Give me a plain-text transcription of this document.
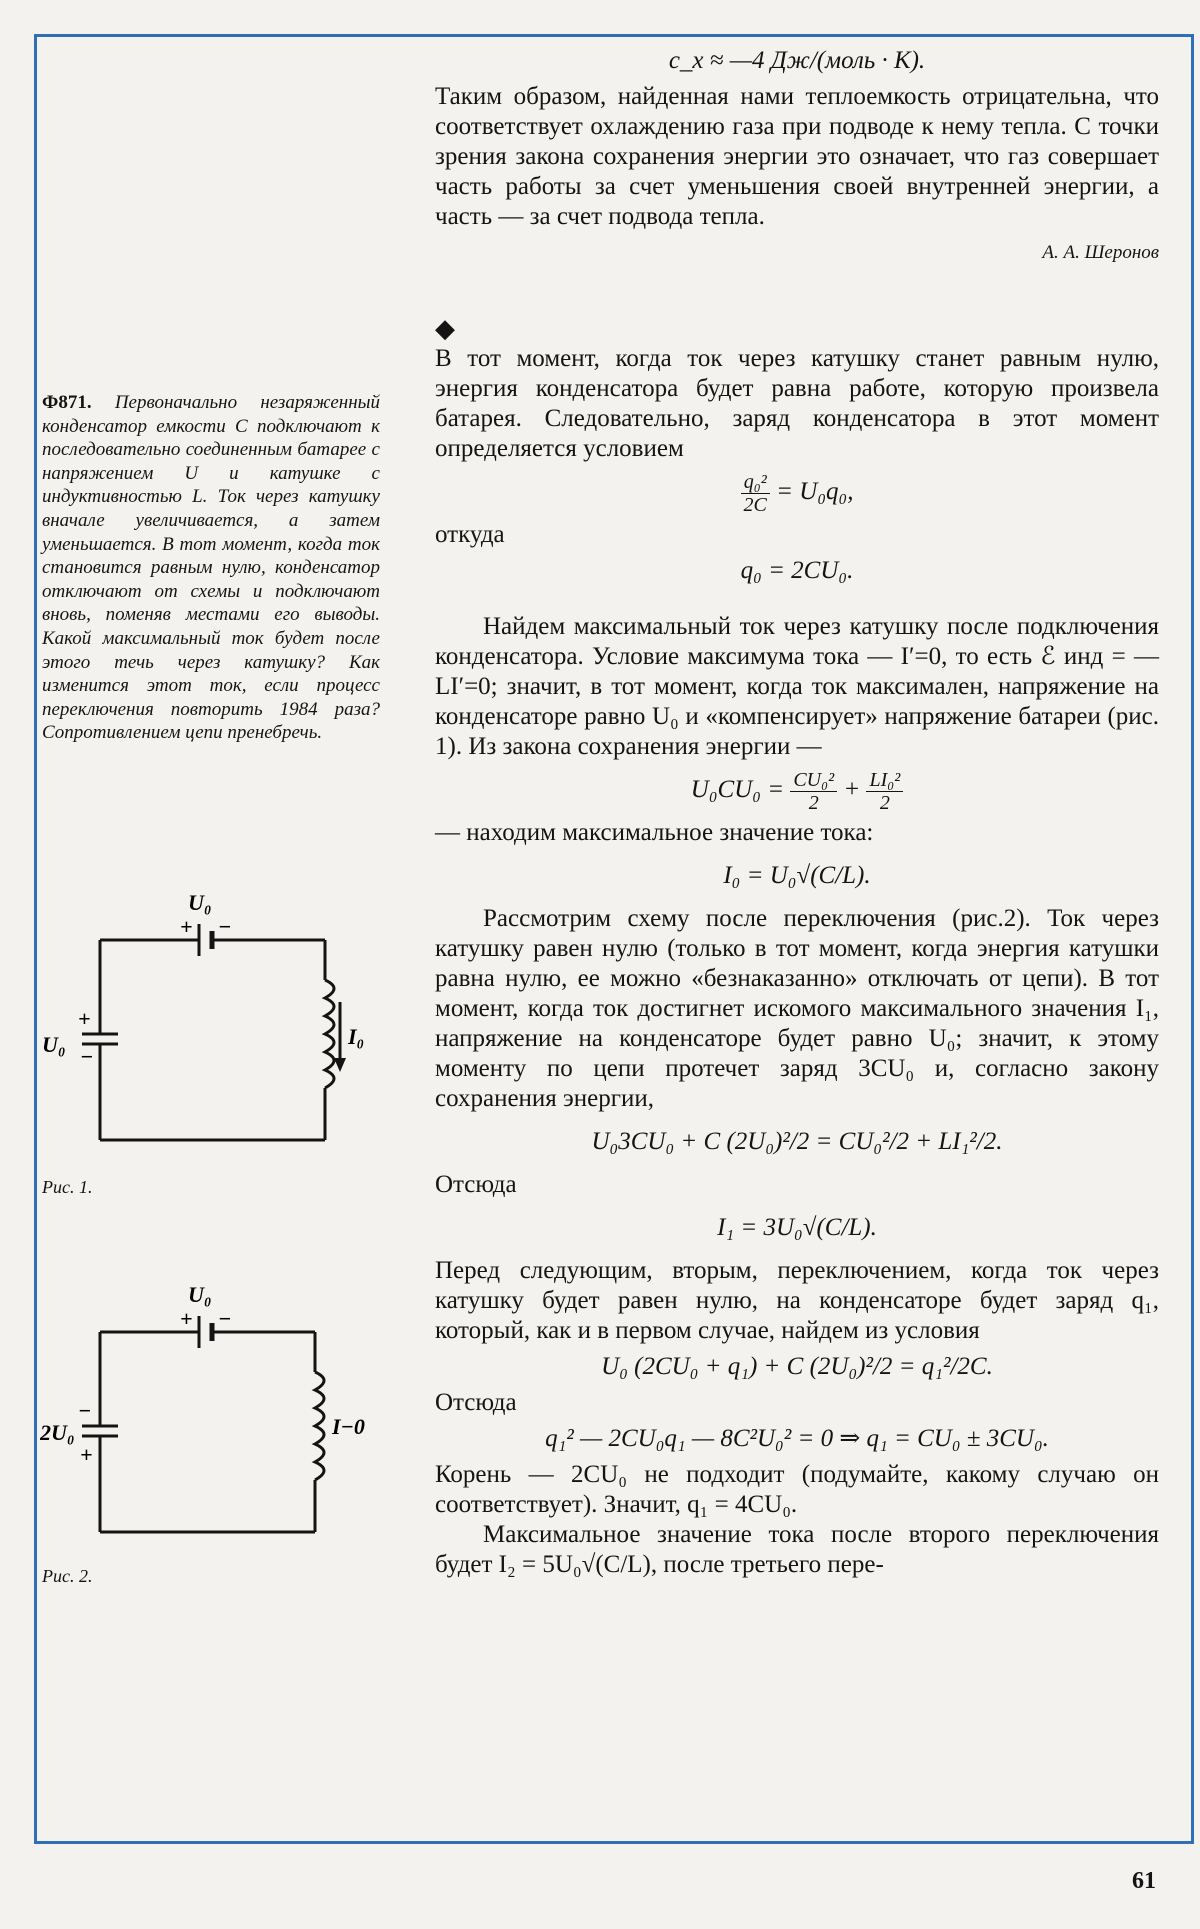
c_x ≈ —4 Дж/(моль · К).

Таким образом, найденная нами теплоемкость отрицательна, что соответствует охлаждению газа при подводе к нему тепла. С точки зрения закона сохранения энергии это означает, что газ совершает часть работы за счет уменьшения своей внутренней энергии, а часть — за счет подвода тепла.

А. А. Шеронов
◆

В тот момент, когда ток через катушку станет равным нулю, энергия конденсатора будет равна работе, которую произвела батарея. Следовательно, заряд конденсатора в этот момент определяется условием

$\frac{\text{q₀²}}{2C} = U_0q_0$,

откуда

q₀ = 2CU₀.

Найдем максимальный ток через катушку после подключения конденсатора. Условие максимума тока — I′=0, то есть ℰ инд = —LI′=0; значит, в тот момент, когда ток максимален, напряжение на конденсаторе равно U₀ и «компенсирует» напряжение батареи (рис. 1). Из закона сохранения энергии —

$U_0CU_0 = \frac{\text{CU₀²}}{2} + \frac{\text{LI₀²}}{2}$

— находим максимальное значение тока:

I₀ = U₀√(C/L).

Рассмотрим схему после переключения (рис.2). Ток через катушку равен нулю (только в тот момент, когда энергия катушки равна нулю, ее можно «безнаказанно» отключать от цепи). В тот момент, когда ток достигнет искомого максимального значения I₁, напряжение на конденсаторе будет равно U₀; значит, к этому моменту по цепи протечет заряд 3CU₀ и, согласно закону сохранения энергии,

U₀3CU₀ + C (2U₀)²/2 = CU₀²/2 + LI₁²/2.

Отсюда

I₁ = 3U₀√(C/L).

Перед следующим, вторым, переключением, когда ток через катушку будет равен нулю, на конденсаторе будет заряд q₁, который, как и в первом случае, найдем из условия

U₀ (2CU₀ + q₁) + C (2U₀)²/2 = q₁²/2C.

Отсюда

q₁² — 2CU₀q₁ — 8C²U₀² = 0 ⇒ q₁ = CU₀ ± 3CU₀.

Корень — 2CU₀ не подходит (подумайте, какому случаю он соответствует). Значит, q₁ = 4CU₀.

Максимальное значение тока после второго переключения будет I₂ = 5U₀√(C/L), после третьего пере-

Ф871. Первоначально незаряженный конденсатор емкости C подключают к последовательно соединенным батарее с напряжением U и катушке с индуктивностью L. Ток через катушку вначале увеличивается, а затем уменьшается. В тот момент, когда ток становится равным нулю, конденсатор отключают от схемы и подключают вновь, поменяв местами его выводы. Какой максимальный ток будет после этого течь через катушку? Как изменится этот ток, если процесс переключения повторить 1984 раза? Сопротивлением цепи пренебречь.
U₀
+ −
U₀
+
−
I₀
Рис. 1.
U₀
+ −
2U₀
−
+
I−0
Рис. 2.
61
